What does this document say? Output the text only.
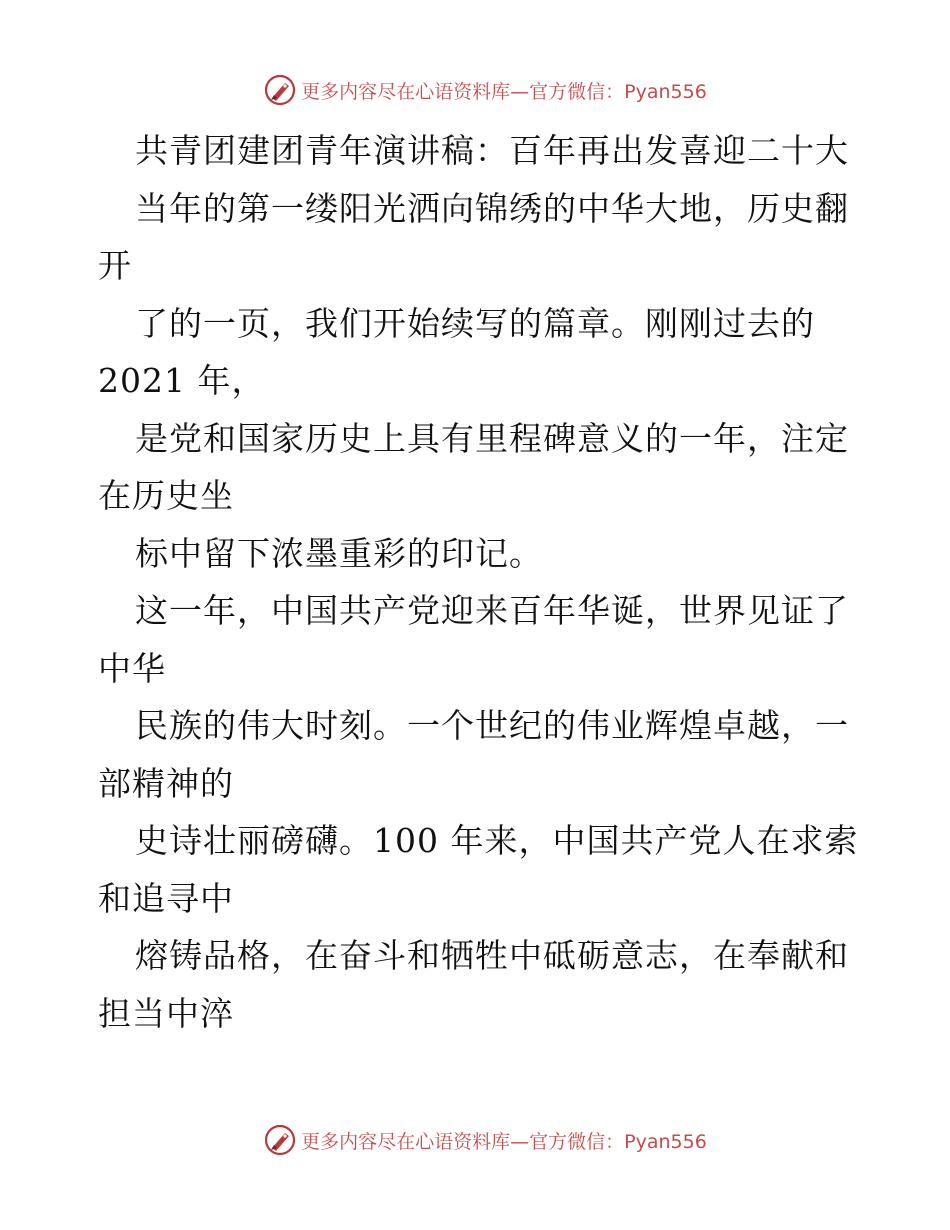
更多内容尽在心语资料库—官方微信：Pyan556
共青团建团青年演讲稿：百年再出发喜迎二十大
当年的第一缕阳光洒向锦绣的中华大地，历史翻
开
了的一页，我们开始续写的篇章。刚刚过去的
2021 年，
是党和国家历史上具有里程碑意义的一年，注定
在历史坐
标中留下浓墨重彩的印记。
这一年，中国共产党迎来百年华诞，世界见证了
中华
民族的伟大时刻。一个世纪的伟业辉煌卓越，一
部精神的
史诗壮丽磅礴。100 年来，中国共产党人在求索
和追寻中
熔铸品格，在奋斗和牺牲中砥砺意志，在奉献和
担当中淬
更多内容尽在心语资料库—官方微信：Pyan556
